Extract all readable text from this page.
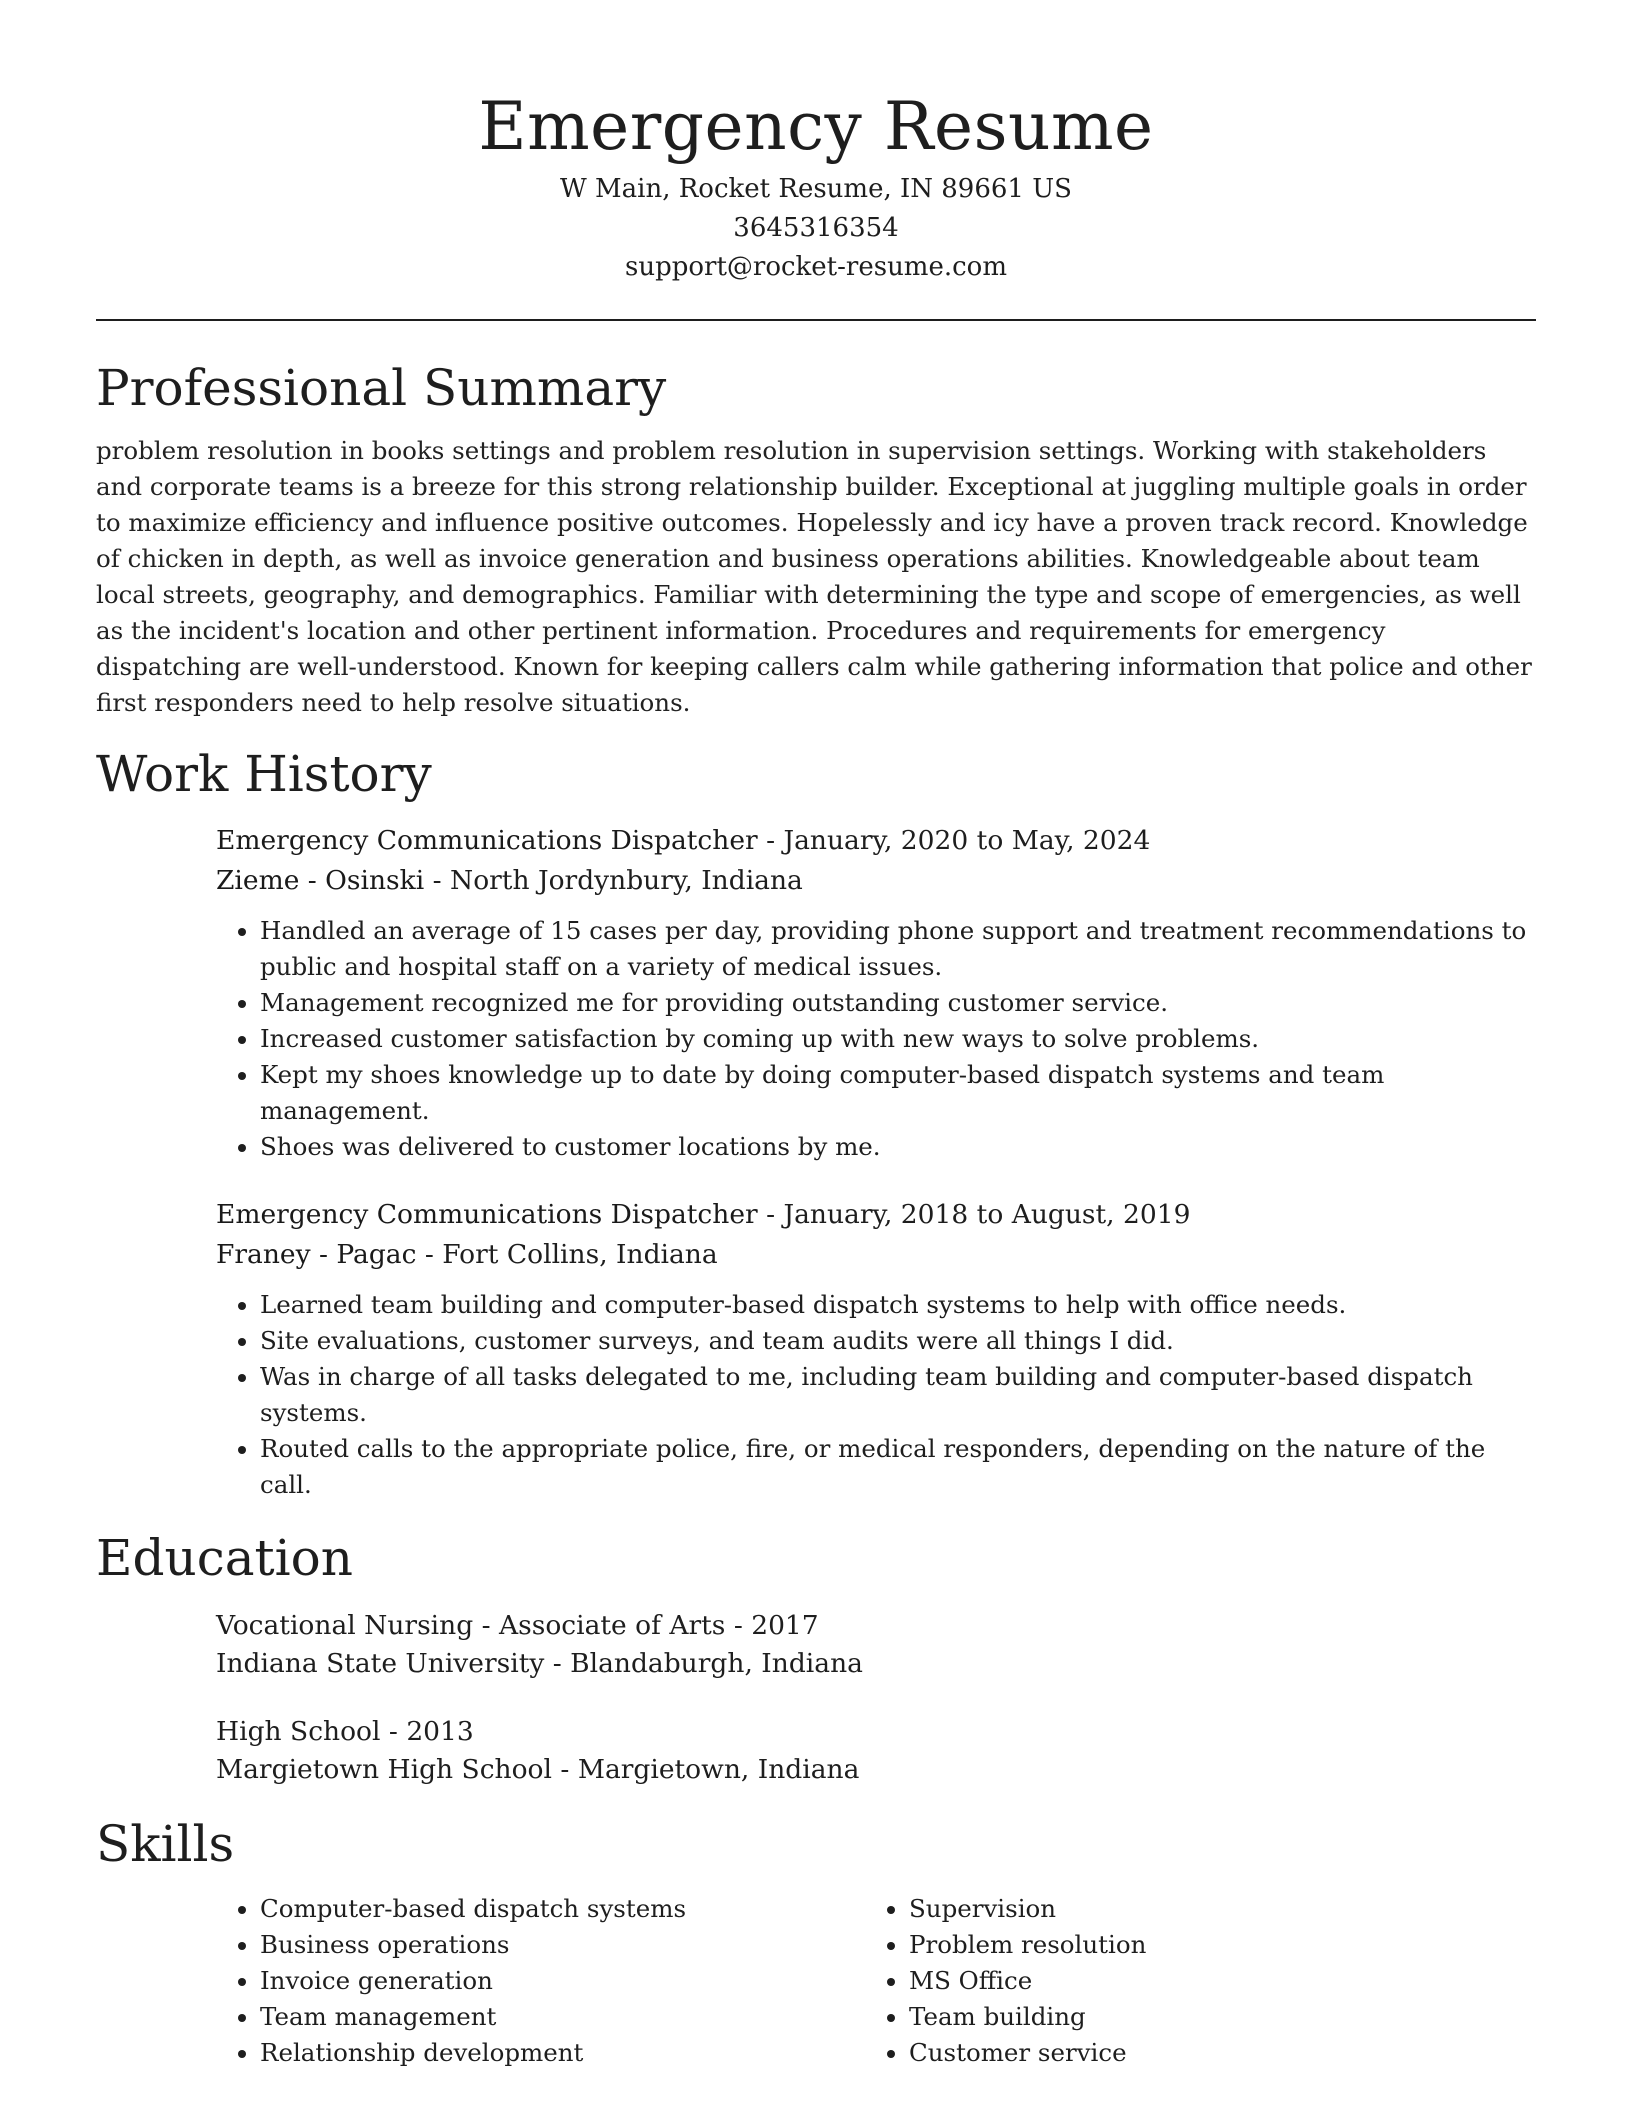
Emergency Resume
W Main, Rocket Resume, IN 89661 US
3645316354
support@rocket-resume.com
Professional Summary

problem resolution in books settings and problem resolution in supervision settings. Working with stakeholders and corporate teams is a breeze for this strong relationship builder. Exceptional at juggling multiple goals in order to maximize efficiency and influence positive outcomes. Hopelessly and icy have a proven track record. Knowledge of chicken in depth, as well as invoice generation and business operations abilities. Knowledgeable about team local streets, geography, and demographics. Familiar with determining the type and scope of emergencies, as well as the incident's location and other pertinent information. Procedures and requirements for emergency dispatching are well-understood. Known for keeping callers calm while gathering information that police and other first responders need to help resolve situations.

Work History
Emergency Communications Dispatcher - January, 2020 to May, 2024
Zieme - Osinski - North Jordynbury, Indiana
• Handled an average of 15 cases per day, providing phone support and treatment recommendations to public and hospital staff on a variety of medical issues.
• Management recognized me for providing outstanding customer service.
• Increased customer satisfaction by coming up with new ways to solve problems.
• Kept my shoes knowledge up to date by doing computer-based dispatch systems and team management.
• Shoes was delivered to customer locations by me.
Emergency Communications Dispatcher - January, 2018 to August, 2019
Franey - Pagac - Fort Collins, Indiana
• Learned team building and computer-based dispatch systems to help with office needs.
• Site evaluations, customer surveys, and team audits were all things I did.
• Was in charge of all tasks delegated to me, including team building and computer-based dispatch systems.
• Routed calls to the appropriate police, fire, or medical responders, depending on the nature of the call.
Education
Vocational Nursing - Associate of Arts - 2017
Indiana State University - Blandaburgh, Indiana
High School - 2013
Margietown High School - Margietown, Indiana
Skills
• Computer-based dispatch systems
• Business operations
• Invoice generation
• Team management
• Relationship development
• Supervision
• Problem resolution
• MS Office
• Team building
• Customer service
